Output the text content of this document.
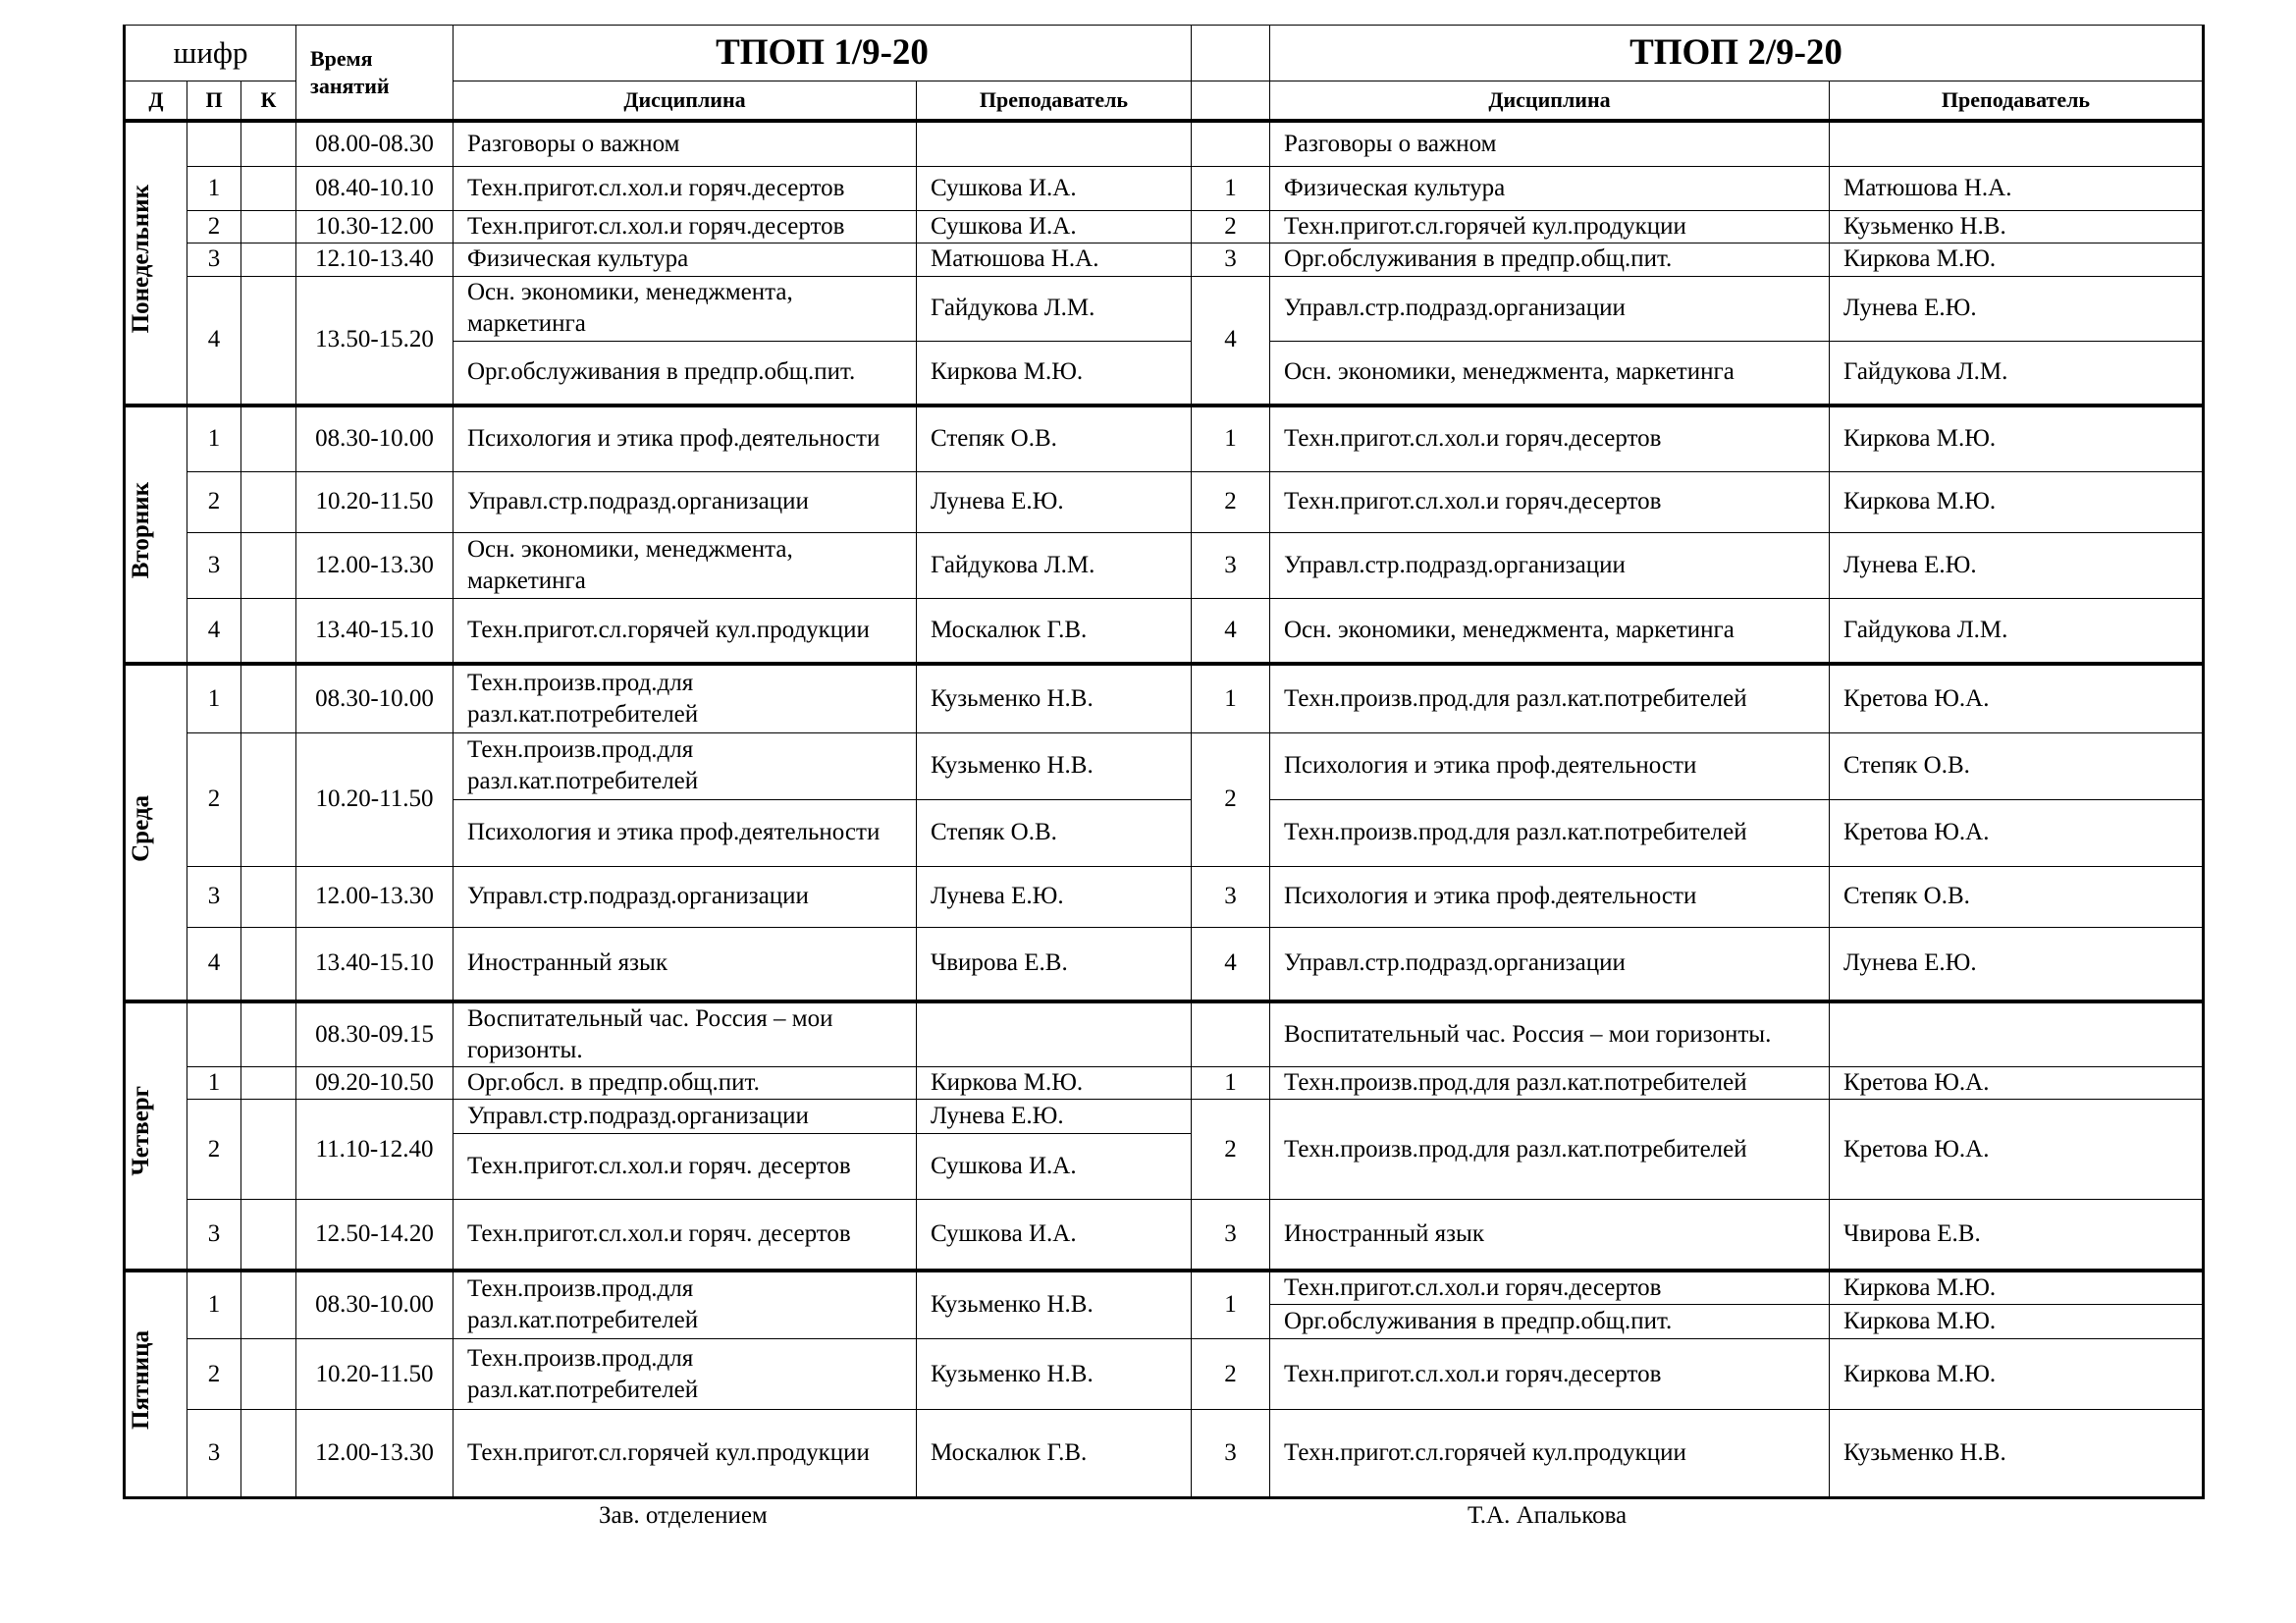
шифр			Время занятий	ТПОП 1/9-20			ТПОП 2/9-20	
Д	П	К		Дисциплина	Преподаватель		Дисциплина	Преподаватель
Понедельник			08.00-08.30	Разговоры о важном			Разговоры о важном	
	1		08.40-10.10	Техн.пригот.сл.хол.и горяч.десертов	Сушкова И.А.	1	Физическая культура	Матюшова Н.А.
	2		10.30-12.00	Техн.пригот.сл.хол.и горяч.десертов	Сушкова И.А.	2	Техн.пригот.сл.горячей кул.продукции	Кузьменко Н.В.
	3		12.10-13.40	Физическая культура	Матюшова Н.А.	3	Орг.обслуживания в предпр.общ.пит.	Киркова М.Ю.
	4		13.50-15.20	Осн. экономики, менеджмента, маркетинга	Гайдукова Л.М.	4	Управл.стр.подразд.организации	Лунева Е.Ю.
				Орг.обслуживания в предпр.общ.пит.	Киркова М.Ю.		Осн. экономики, менеджмента, маркетинга	Гайдукова Л.М.
Вторник	1		08.30-10.00	Психология и этика проф.деятельности	Степяк О.В.	1	Техн.пригот.сл.хол.и горяч.десертов	Киркова М.Ю.
	2		10.20-11.50	Управл.стр.подразд.организации	Лунева Е.Ю.	2	Техн.пригот.сл.хол.и горяч.десертов	Киркова М.Ю.
	3		12.00-13.30	Осн. экономики, менеджмента, маркетинга	Гайдукова Л.М.	3	Управл.стр.подразд.организации	Лунева Е.Ю.
	4		13.40-15.10	Техн.пригот.сл.горячей кул.продукции	Москалюк Г.В.	4	Осн. экономики, менеджмента, маркетинга	Гайдукова Л.М.
Среда	1		08.30-10.00	Техн.произв.прод.для разл.кат.потребителей	Кузьменко Н.В.	1	Техн.произв.прод.для разл.кат.потребителей	Кретова Ю.А.
	2		10.20-11.50	Техн.произв.прод.для разл.кат.потребителей	Кузьменко Н.В.	2	Психология и этика проф.деятельности	Степяк О.В.
				Психология и этика проф.деятельности	Степяк О.В.		Техн.произв.прод.для разл.кат.потребителей	Кретова Ю.А.
	3		12.00-13.30	Управл.стр.подразд.организации	Лунева Е.Ю.	3	Психология и этика проф.деятельности	Степяк О.В.
	4		13.40-15.10	Иностранный язык	Чвирова Е.В.	4	Управл.стр.подразд.организации	Лунева Е.Ю.
Четверг			08.30-09.15	Воспитательный час. Россия – мои горизонты.			Воспитательный час. Россия – мои горизонты.	
	1		09.20-10.50	Орг.обсл. в предпр.общ.пит.	Киркова М.Ю.	1	Техн.произв.прод.для разл.кат.потребителей	Кретова Ю.А.
	2		11.10-12.40	Управл.стр.подразд.организации	Лунева Е.Ю.	2	Техн.произв.прод.для разл.кат.потребителей	Кретова Ю.А.
				Техн.пригот.сл.хол.и горяч. десертов	Сушкова И.А.			
	3		12.50-14.20	Техн.пригот.сл.хол.и горяч. десертов	Сушкова И.А.	3	Иностранный язык	Чвирова Е.В.
Пятница	1		08.30-10.00	Техн.произв.прод.для разл.кат.потребителей	Кузьменко Н.В.	1	Техн.пригот.сл.хол.и горяч.десертов	Киркова М.Ю.
							Орг.обслуживания в предпр.общ.пит.	Киркова М.Ю.
	2		10.20-11.50	Техн.произв.прод.для разл.кат.потребителей	Кузьменко Н.В.	2	Техн.пригот.сл.хол.и горяч.десертов	Киркова М.Ю.
	3		12.00-13.30	Техн.пригот.сл.горячей кул.продукции	Москалюк Г.В.	3	Техн.пригот.сл.горячей кул.продукции	Кузьменко Н.В.
Зав. отделением	Т.А. Апалькова
